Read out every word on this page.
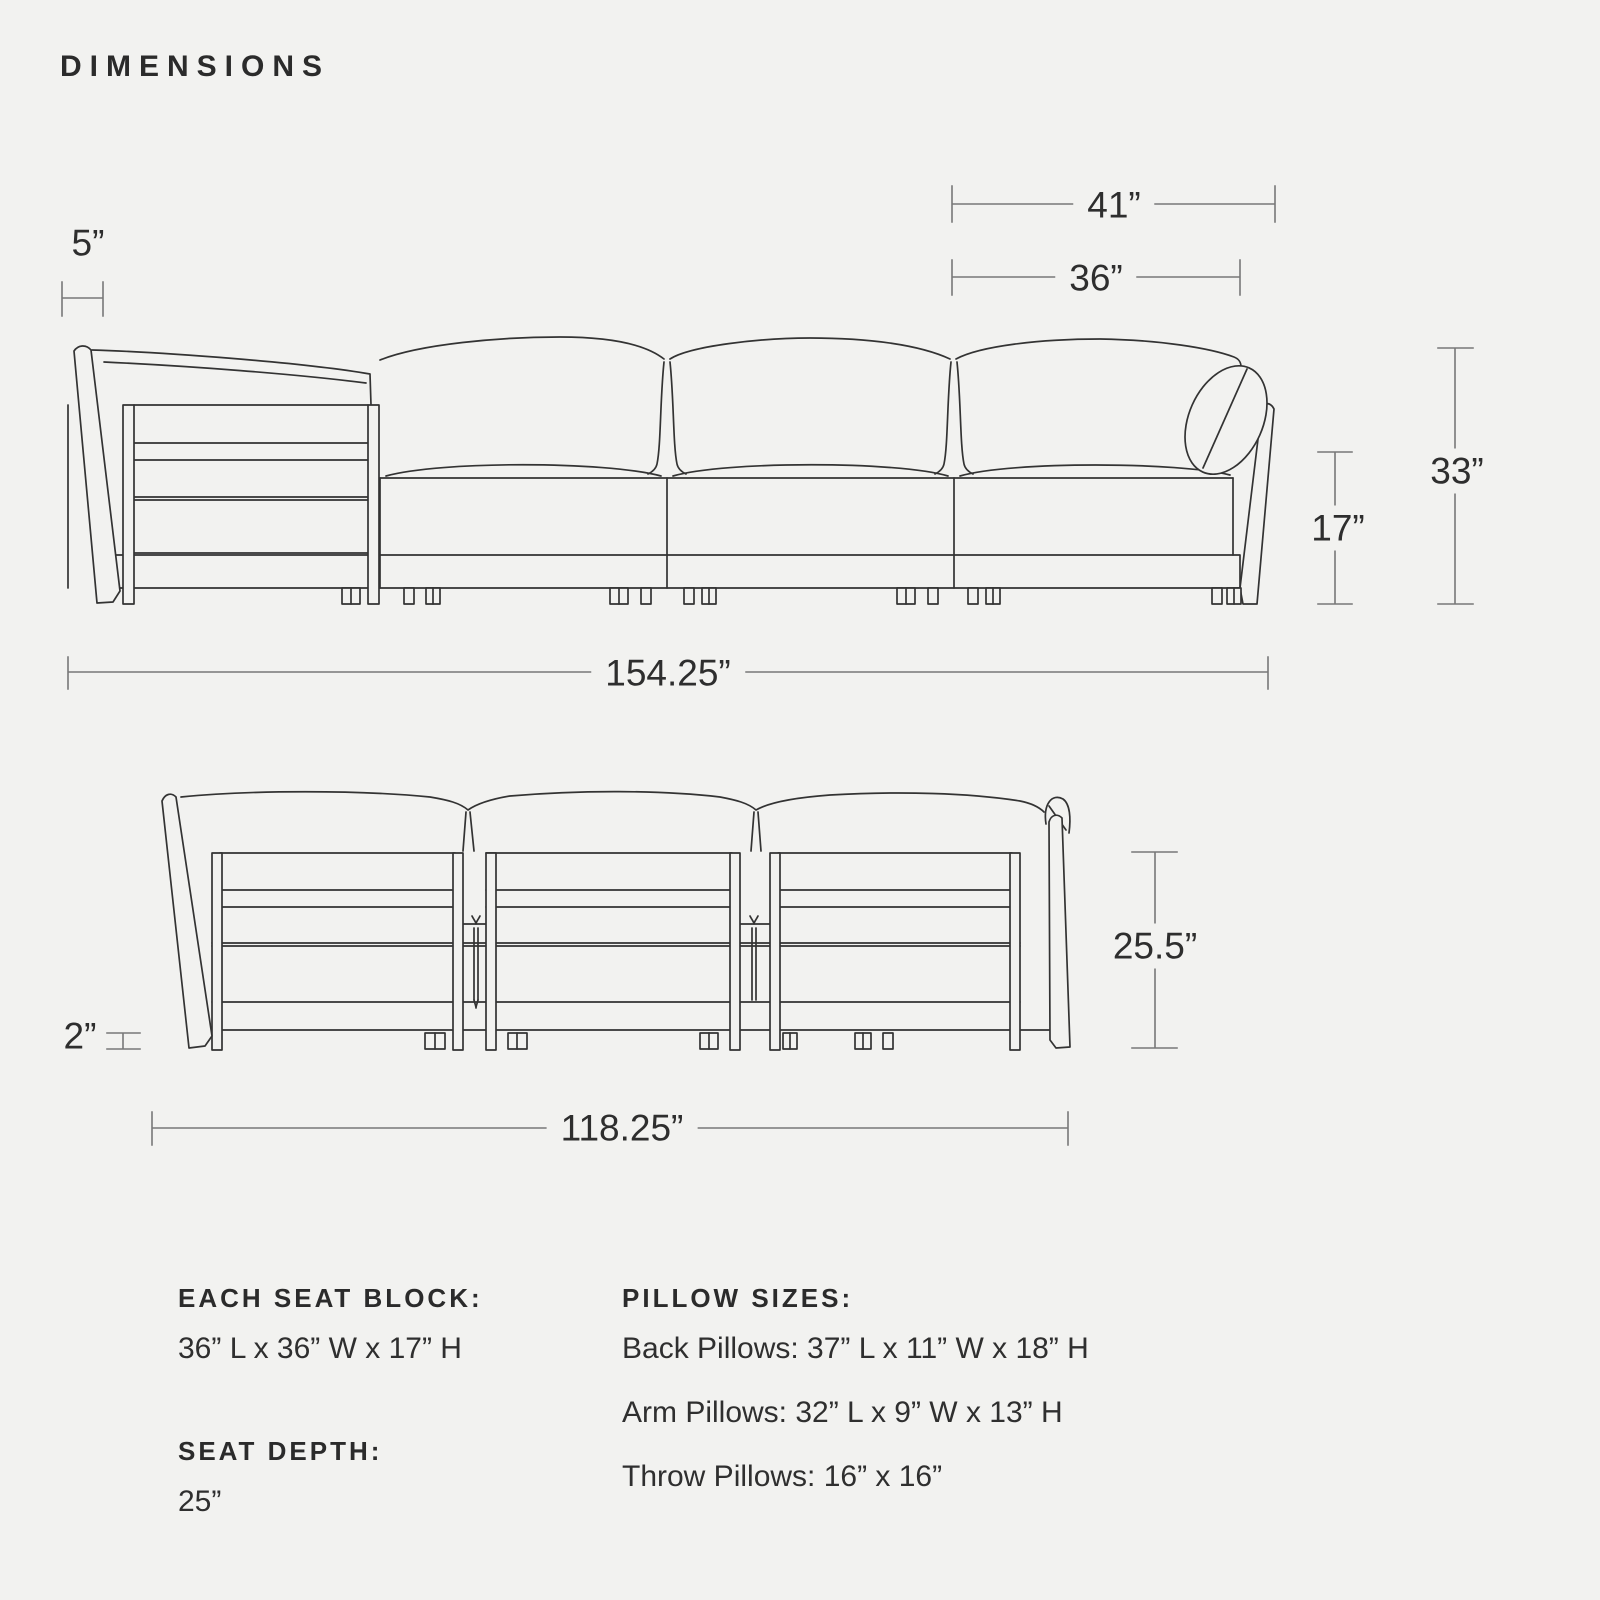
DIMENSIONS
5”
41”
36”
33”
17”
154.25”
2”
25.5”
118.25”

EACH SEAT BLOCK:

36” L x 36” W x 17” H

SEAT DEPTH:

25”

PILLOW SIZES:

Back Pillows: 37” L x 11” W x 18” H

Arm Pillows: 32” L x 9” W x 13” H

Throw Pillows: 16” x 16”
